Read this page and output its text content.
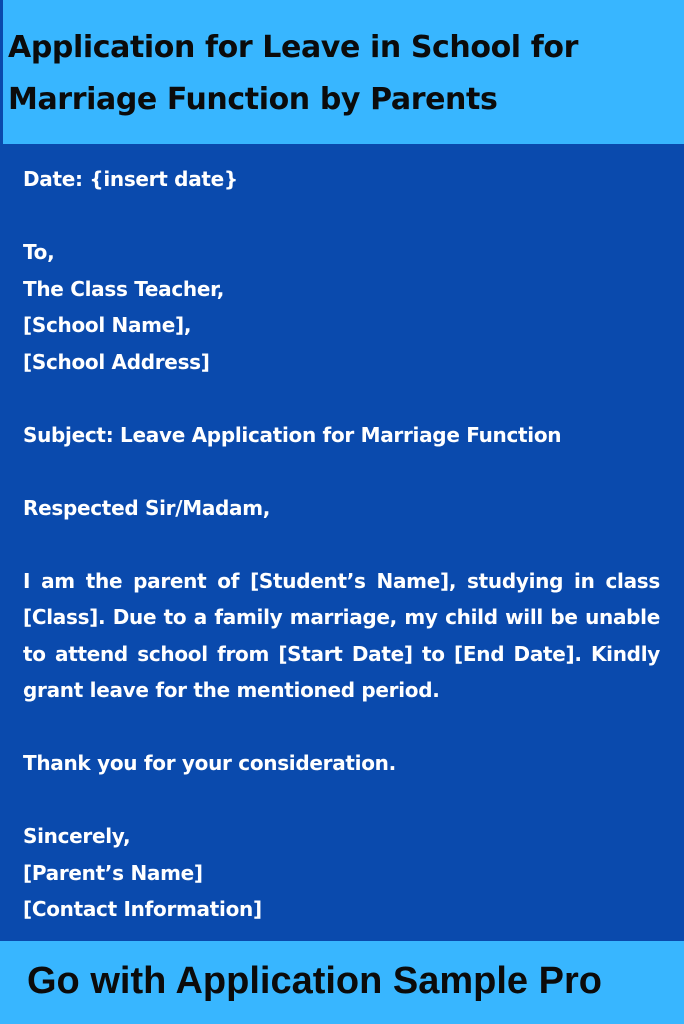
Application for Leave in School for Marriage Function by Parents
Date: {insert date}
To,
The Class Teacher,
[School Name],
[School Address]
Subject: Leave Application for Marriage Function
Respected Sir/Madam,
I am the parent of [Student’s Name], studying in class [Class]. Due to a family marriage, my child will be unable to attend school from [Start Date] to [End Date]. Kindly grant leave for the mentioned period.
Thank you for your consideration.
Sincerely,
[Parent’s Name]
[Contact Information]

Go with Application Sample Pro
